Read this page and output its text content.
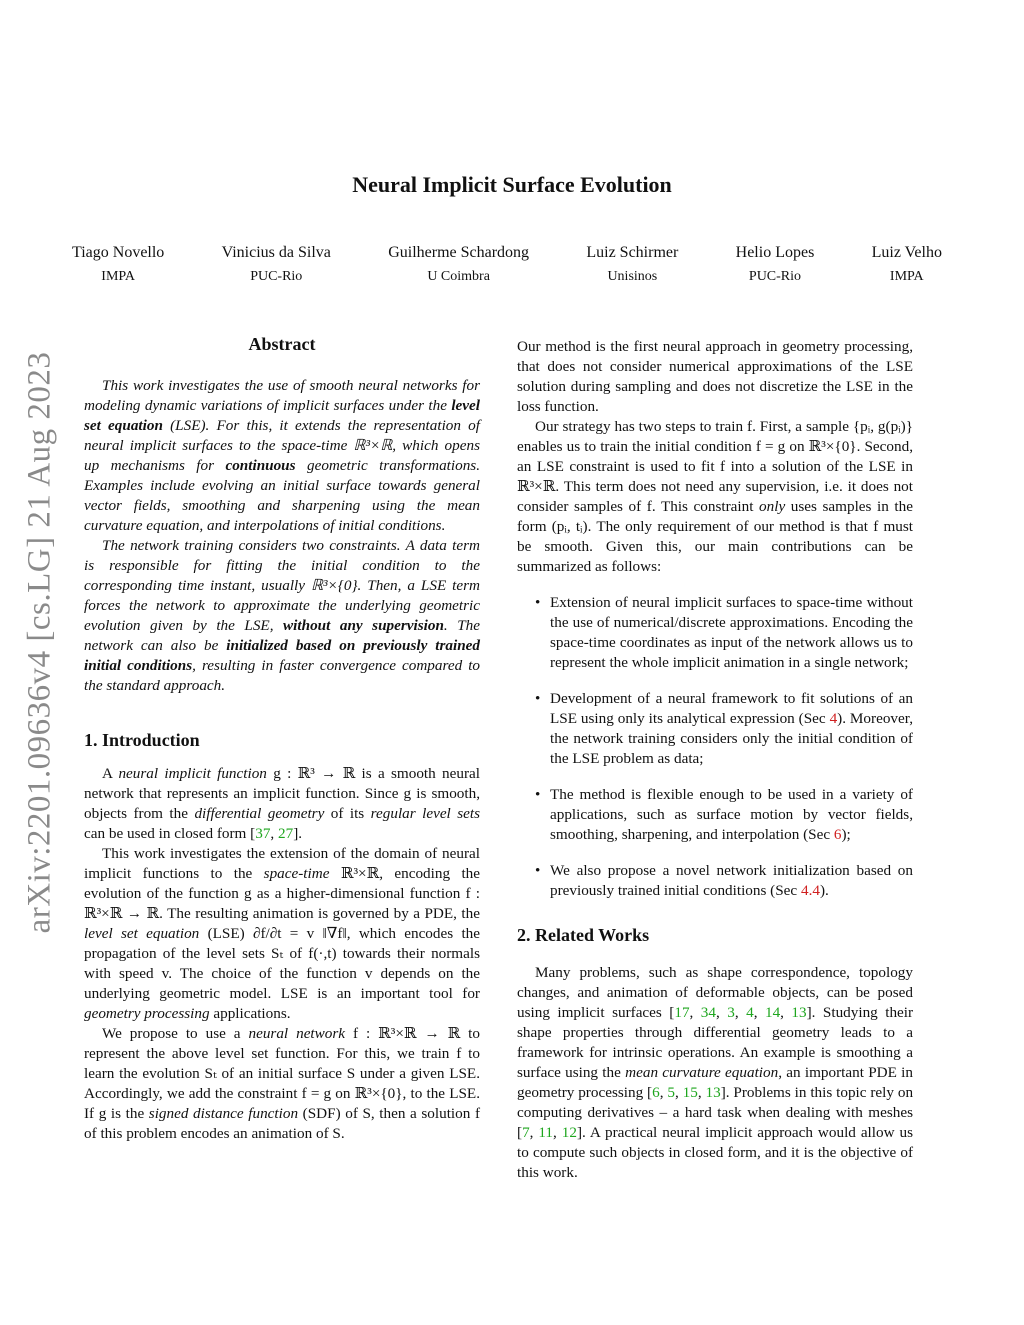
arXiv:2201.09636v4 [cs.LG] 21 Aug 2023
Neural Implicit Surface Evolution
Tiago Novello
IMPA
Vinicius da Silva
PUC-Rio
Guilherme Schardong
U Coimbra
Luiz Schirmer
Unisinos
Helio Lopes
PUC-Rio
Luiz Velho
IMPA
Abstract

This work investigates the use of smooth neural networks for modeling dynamic variations of implicit surfaces under the level set equation (LSE). For this, it extends the representation of neural implicit surfaces to the space-time ℝ³×ℝ, which opens up mechanisms for continuous geometric transformations. Examples include evolving an initial surface towards general vector fields, smoothing and sharpening using the mean curvature equation, and interpolations of initial conditions.

The network training considers two constraints. A data term is responsible for fitting the initial condition to the corresponding time instant, usually ℝ³×{0}. Then, a LSE term forces the network to approximate the underlying geometric evolution given by the LSE, without any supervision. The network can also be initialized based on previously trained initial conditions, resulting in faster convergence compared to the standard approach.

1. Introduction

A neural implicit function g : ℝ³ → ℝ is a smooth neural network that represents an implicit function. Since g is smooth, objects from the differential geometry of its regular level sets can be used in closed form [37, 27].

This work investigates the extension of the domain of neural implicit functions to the space-time ℝ³×ℝ, encoding the evolution of the function g as a higher-dimensional function f : ℝ³×ℝ → ℝ. The resulting animation is governed by a PDE, the level set equation (LSE) ∂f/∂t = v ‖∇f‖, which encodes the propagation of the level sets Sₜ of f(·,t) towards their normals with speed v. The choice of the function v depends on the underlying geometric model. LSE is an important tool for geometry processing applications.

We propose to use a neural network f : ℝ³×ℝ → ℝ to represent the above level set function. For this, we train f to learn the evolution Sₜ of an initial surface S under a given LSE. Accordingly, we add the constraint f = g on ℝ³×{0}, to the LSE. If g is the signed distance function (SDF) of S, then a solution f of this problem encodes an animation of S.

Our method is the first neural approach in geometry processing, that does not consider numerical approximations of the LSE solution during sampling and does not discretize the LSE in the loss function.

Our strategy has two steps to train f. First, a sample {pᵢ, g(pᵢ)} enables us to train the initial condition f = g on ℝ³×{0}. Second, an LSE constraint is used to fit f into a solution of the LSE in ℝ³×ℝ. This term does not need any supervision, i.e. it does not consider samples of f. This constraint only uses samples in the form (pᵢ, tᵢ). The only requirement of our method is that f must be smooth. Given this, our main contributions can be summarized as follows:

• Extension of neural implicit surfaces to space-time without the use of numerical/discrete approximations. Encoding the space-time coordinates as input of the network allows us to represent the whole implicit animation in a single network;
• Development of a neural framework to fit solutions of an LSE using only its analytical expression (Sec 4). Moreover, the network training considers only the initial condition of the LSE problem as data;
• The method is flexible enough to be used in a variety of applications, such as surface motion by vector fields, smoothing, sharpening, and interpolation (Sec 6);
• We also propose a novel network initialization based on previously trained initial conditions (Sec 4.4).
2. Related Works

Many problems, such as shape correspondence, topology changes, and animation of deformable objects, can be posed using implicit surfaces [17, 34, 3, 4, 14, 13]. Studying their shape properties through differential geometry leads to a framework for intrinsic operations. An example is smoothing a surface using the mean curvature equation, an important PDE in geometry processing [6, 5, 15, 13]. Problems in this topic rely on computing derivatives – a hard task when dealing with meshes [7, 11, 12]. A practical neural implicit approach would allow us to compute such objects in closed form, and it is the objective of this work.
